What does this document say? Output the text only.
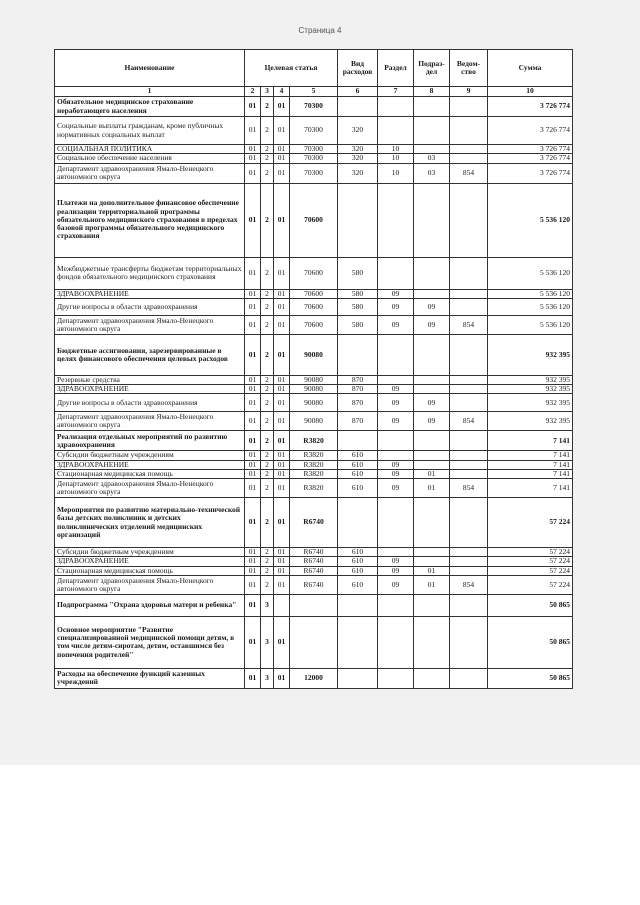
Страница 4
Наименование	Целевая статья				Вид расходов	Раздел	Подраз-дел	Ведом-ство	Сумма
1	2	3	4	5	6	7	8	9	10
Обязательное медицинское страхование неработающего населения	01	2	01	70300					3 726 774
Социальные выплаты гражданам, кроме публичных нормативных социальных выплат	01	2	01	70300	320				3 726 774
СОЦИАЛЬНАЯ ПОЛИТИКА	01	2	01	70300	320	10			3 726 774
Социальное обеспечение населения	01	2	01	70300	320	10	03		3 726 774
Департамент здравоохранения Ямало-Ненецкого автономного округа	01	2	01	70300	320	10	03	854	3 726 774
Платежи на дополнительное финансовое обеспечение реализации территориальной программы обязательного медицинского страхования в пределах базовой программы обязательного медицинского страхования	01	2	01	70600					5 536 120
Межбюджетные трансферты бюджетам территориальных фондов обязательного медицинского страхования	01	2	01	70600	580				5 536 120
ЗДРАВООХРАНЕНИЕ	01	2	01	70600	580	09			5 536 120
Другие вопросы в области здравоохранения	01	2	01	70600	580	09	09		5 536 120
Департамент здравоохранения Ямало-Ненецкого автономного округа	01	2	01	70600	580	09	09	854	5 536 120
Бюджетные ассигнования, зарезервированные в целях финансового обеспечения целевых расходов	01	2	01	90080					932 395
Резервные средства	01	2	01	90080	870				932 395
ЗДРАВООХРАНЕНИЕ	01	2	01	90080	870	09			932 395
Другие вопросы в области здравоохранения	01	2	01	90080	870	09	09		932 395
Департамент здравоохранения Ямало-Ненецкого автономного округа	01	2	01	90080	870	09	09	854	932 395
Реализация отдельных мероприятий по развитию здравоохранения	01	2	01	R3820					7 141
Субсидии бюджетным учреждениям	01	2	01	R3820	610				7 141
ЗДРАВООХРАНЕНИЕ	01	2	01	R3820	610	09			7 141
Стационарная медицинская помощь	01	2	01	R3820	610	09	01		7 141
Департамент здравоохранения Ямало-Ненецкого автономного округа	01	2	01	R3820	610	09	01	854	7 141
Мероприятия по развитию материально-технической базы детских поликлиник и детских поликлинических отделений медицинских организаций	01	2	01	R6740					57 224
Субсидии бюджетным учреждениям	01	2	01	R6740	610				57 224
ЗДРАВООХРАНЕНИЕ	01	2	01	R6740	610	09			57 224
Стационарная медицинская помощь	01	2	01	R6740	610	09	01		57 224
Департамент здравоохранения Ямало-Ненецкого автономного округа	01	2	01	R6740	610	09	01	854	57 224
Подпрограмма "Охрана здоровья матери и ребенка"	01	3							50 865
Основное мероприятие "Развитие специализированной медицинской помощи детям, в том числе детям-сиротам, детям, оставшимся без попечения родителей"	01	3	01						50 865
Расходы на обеспечение функций казенных учреждений	01	3	01	12000					50 865
